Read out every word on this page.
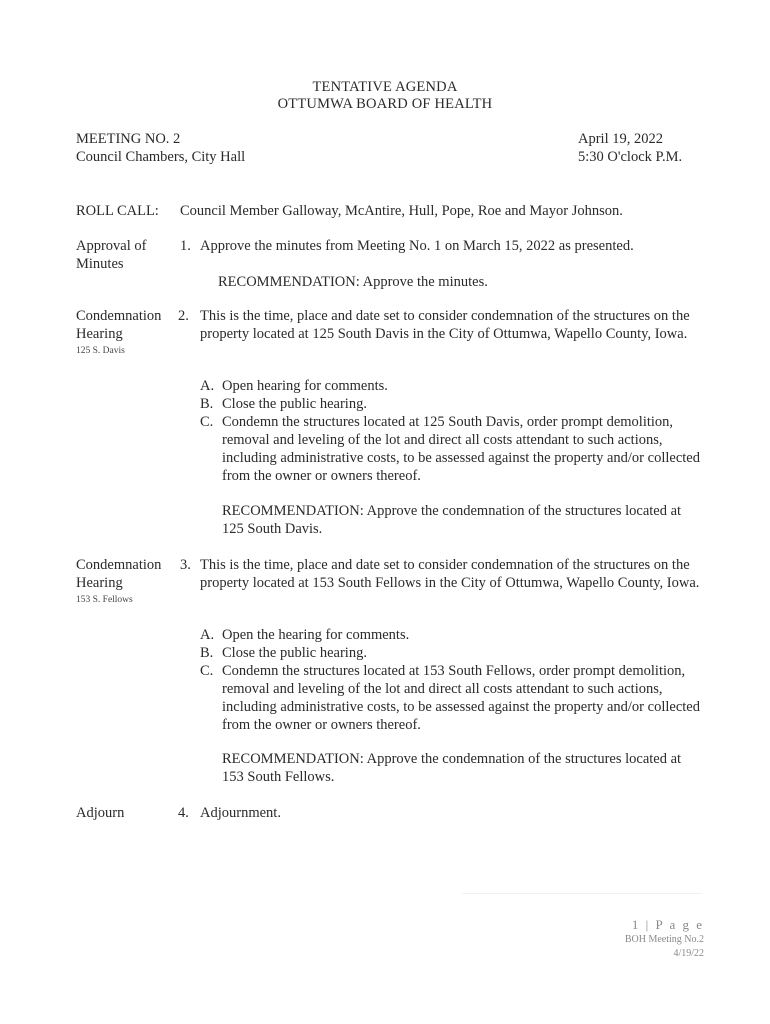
TENTATIVE AGENDA
OTTUMWA BOARD OF HEALTH
MEETING NO. 2
Council Chambers, City Hall
April 19, 2022
5:30 O'clock P.M.
ROLL CALL: Council Member Galloway, McAntire, Hull, Pope, Roe and Mayor Johnson.
Approval of
Minutes
1. Approve the minutes from Meeting No. 1 on March 15, 2022 as presented.
RECOMMENDATION: Approve the minutes.
Condemnation
Hearing
125 S. Davis
2. This is the time, place and date set to consider condemnation of the structures on the property located at 125 South Davis in the City of Ottumwa, Wapello County, Iowa.
A. Open hearing for comments.
B. Close the public hearing.
C. Condemn the structures located at 125 South Davis, order prompt demolition, removal and leveling of the lot and direct all costs attendant to such actions, including administrative costs, to be assessed against the property and/or collected from the owner or owners thereof.
RECOMMENDATION: Approve the condemnation of the structures located at 125 South Davis.
Condemnation
Hearing
153 S. Fellows
3. This is the time, place and date set to consider condemnation of the structures on the property located at 153 South Fellows in the City of Ottumwa, Wapello County, Iowa.
A. Open the hearing for comments.
B. Close the public hearing.
C. Condemn the structures located at 153 South Fellows, order prompt demolition, removal and leveling of the lot and direct all costs attendant to such actions, including administrative costs, to be assessed against the property and/or collected from the owner or owners thereof.
RECOMMENDATION: Approve the condemnation of the structures located at 153 South Fellows.
Adjourn	4. Adjournment.
1 | P a g e
BOH Meeting No.2
4/19/22
